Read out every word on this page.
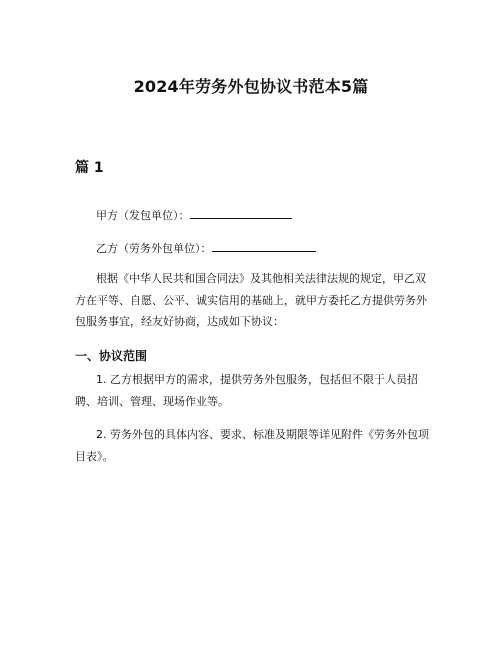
2024年劳务外包协议书范本5篇
篇 1

甲方（发包单位）：

乙方（劳务外包单位）：

根据《中华人民共和国合同法》及其他相关法律法规的规定，甲乙双方在平等、自愿、公平、诚实信用的基础上，就甲方委托乙方提供劳务外包服务事宜，经友好协商，达成如下协议：

一、协议范围

1. 乙方根据甲方的需求，提供劳务外包服务，包括但不限于人员招聘、培训、管理、现场作业等。

2. 劳务外包的具体内容、要求、标准及期限等详见附件《劳务外包项目表》。
